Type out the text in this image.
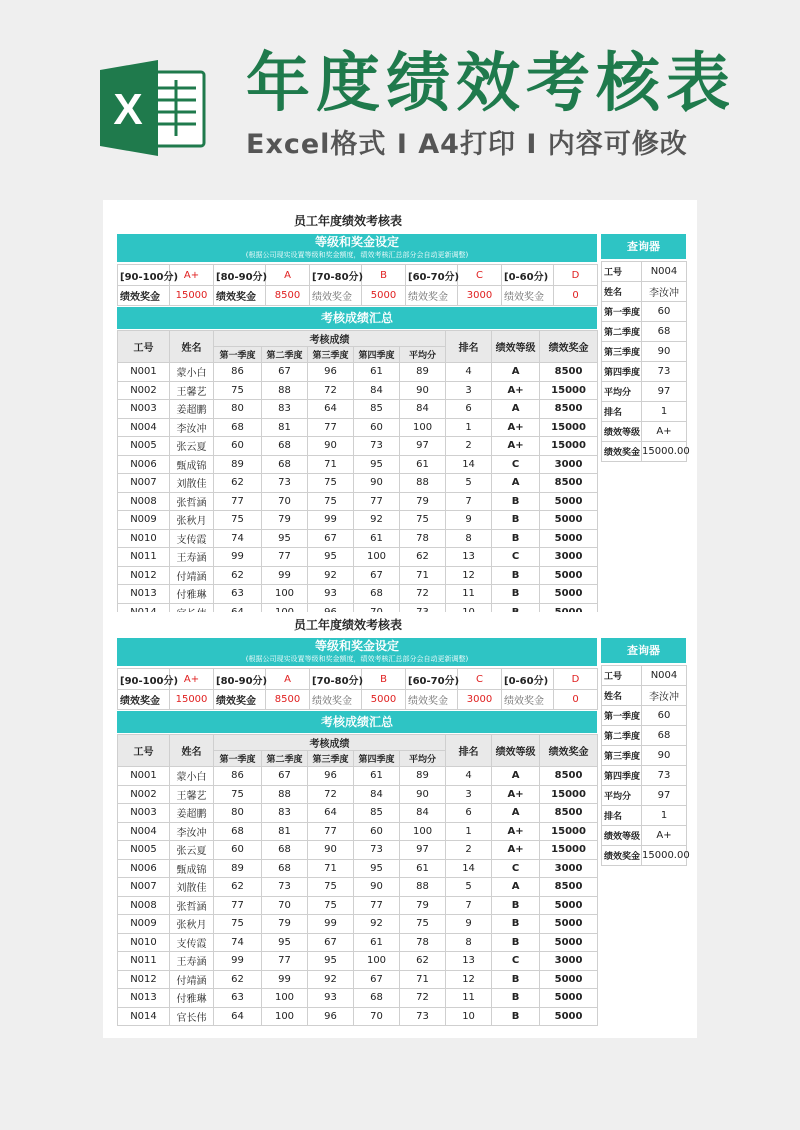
X 年度绩效考核表
Excel格式 I A4打印 I 内容可修改
员工年度绩效考核表
等级和奖金设定
(根据公司现实设置等级和奖金额度，绩效考核汇总部分会自动更新调整)
[90-100分)	A+	[80-90分)	A	[70-80分)	B	[60-70分)	C	[0-60分)	D
绩效奖金	15000	绩效奖金	8500	绩效奖金	5000	绩效奖金	3000	绩效奖金	0
考核成绩汇总
工号	姓名	考核成绩					排名	绩效等级	绩效奖金
		第一季度	第二季度	第三季度	第四季度	平均分			
N001	蒙小白	86	67	96	61	89	4	A	8500
N002	王馨艺	75	88	72	84	90	3	A+	15000
N003	姜超鹏	80	83	64	85	84	6	A	8500
N004	李汝冲	68	81	77	60	100	1	A+	15000
N005	张云夏	60	68	90	73	97	2	A+	15000
N006	甄成锦	89	68	71	95	61	14	C	3000
N007	刘散佳	62	73	75	90	88	5	A	8500
N008	张哲涵	77	70	75	77	79	7	B	5000
N009	张秋月	75	79	99	92	75	9	B	5000
N010	支传霞	74	95	67	61	78	8	B	5000
N011	王寿涵	99	77	95	100	62	13	C	3000
N012	付靖涵	62	99	92	67	71	12	B	5000
N013	付雅琳	63	100	93	68	72	11	B	5000

查询器
工号	N004
姓名	李汝冲
第一季度	60
第二季度	68
第三季度	90
第四季度	73
平均分	97
排名	1
绩效等级	A+
绩效奖金	15000.00
员工年度绩效考核表
等级和奖金设定
(根据公司现实设置等级和奖金额度，绩效考核汇总部分会自动更新调整)
[90-100分)	A+	[80-90分)	A	[70-80分)	B	[60-70分)	C	[0-60分)	D
绩效奖金	15000	绩效奖金	8500	绩效奖金	5000	绩效奖金	3000	绩效奖金	0
考核成绩汇总
工号	姓名	考核成绩					排名	绩效等级	绩效奖金
		第一季度	第二季度	第三季度	第四季度	平均分			
N001	蒙小白	86	67	96	61	89	4	A	8500
N002	王馨艺	75	88	72	84	90	3	A+	15000
N003	姜超鹏	80	83	64	85	84	6	A	8500
N004	李汝冲	68	81	77	60	100	1	A+	15000
N005	张云夏	60	68	90	73	97	2	A+	15000
N006	甄成锦	89	68	71	95	61	14	C	3000
N007	刘散佳	62	73	75	90	88	5	A	8500
N008	张哲涵	77	70	75	77	79	7	B	5000
N009	张秋月	75	79	99	92	75	9	B	5000
N010	支传霞	74	95	67	61	78	8	B	5000
N011	王寿涵	99	77	95	100	62	13	C	3000
N012	付靖涵	62	99	92	67	71	12	B	5000
N013	付雅琳	63	100	93	68	72	11	B	5000
N014	官长伟	64	100	96	70	73	10	B	5000
查询器
工号	N004
姓名	李汝冲
第一季度	60
第二季度	68
第三季度	90
第四季度	73
平均分	97
排名	1
绩效等级	A+
绩效奖金	15000.00
